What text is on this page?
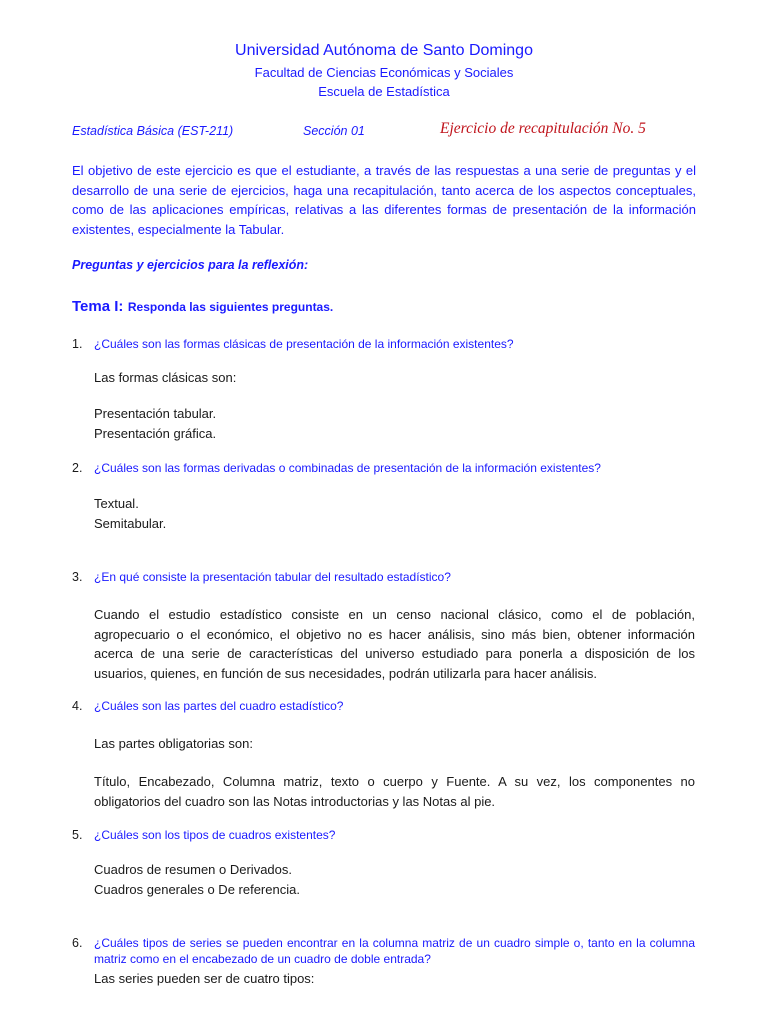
Universidad Autónoma de Santo Domingo
Facultad de Ciencias Económicas y Sociales
Escuela de Estadística
Estadística Básica (EST-211)	Sección 01	Ejercicio de recapitulación No. 5
El objetivo de este ejercicio es que el estudiante, a través de las respuestas a una serie de preguntas y el desarrollo de una serie de ejercicios, haga una recapitulación, tanto acerca de los aspectos conceptuales, como de las aplicaciones empíricas, relativas a las diferentes formas de presentación de la información existentes, especialmente la Tabular.
Preguntas y ejercicios para la reflexión:
Tema I: Responda las siguientes preguntas.
1. ¿Cuáles son las formas clásicas de presentación de la información existentes?
Las formas clásicas son:
Presentación tabular.
Presentación gráfica.
2. ¿Cuáles son las formas derivadas o combinadas de presentación de la información existentes?
Textual.
Semitabular.
3. ¿En qué consiste la presentación tabular del resultado estadístico?
Cuando el estudio estadístico consiste en un censo nacional clásico, como el de población, agropecuario o el económico, el objetivo no es hacer análisis, sino más bien, obtener información acerca de una serie de características del universo estudiado para ponerla a disposición de los usuarios, quienes, en función de sus necesidades, podrán utilizarla para hacer análisis.
4. ¿Cuáles son las partes del cuadro estadístico?
Las partes obligatorias son:
Título, Encabezado, Columna matriz, texto o cuerpo y Fuente. A su vez, los componentes no obligatorios del cuadro son las Notas introductorias y las Notas al pie.
5. ¿Cuáles son los tipos de cuadros existentes?
Cuadros de resumen o Derivados.
Cuadros generales o De referencia.
6. ¿Cuáles tipos de series se pueden encontrar en la columna matriz de un cuadro simple o, tanto en la columna matriz como en el encabezado de un cuadro de doble entrada?
Las series pueden ser de cuatro tipos:
